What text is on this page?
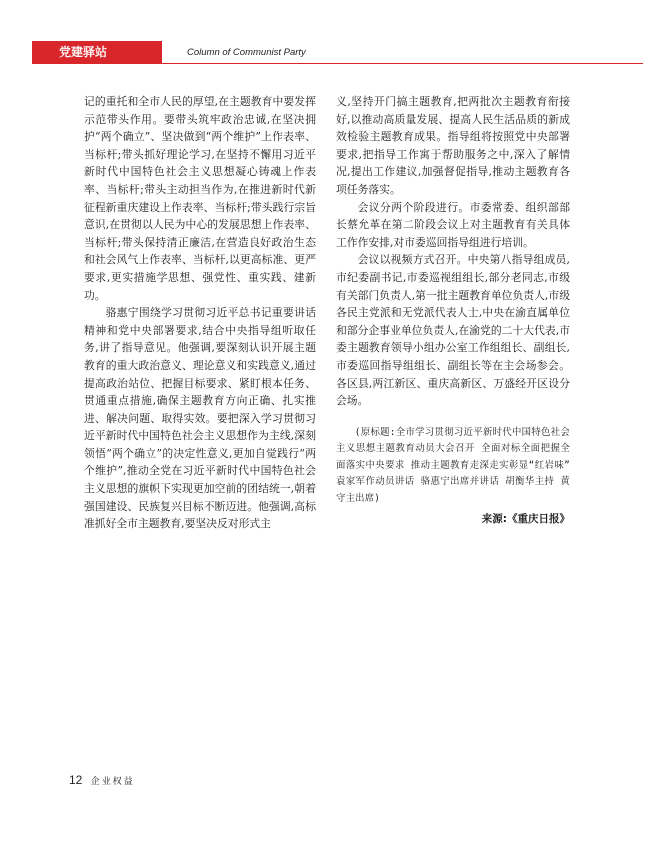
党建驿站	Column of Communist Party

记的重托和全市人民的厚望,在主题教育中要发挥示范带头作用。要带头筑牢政治忠诚,在坚决拥护“两个确立”、坚决做到“两个维护”上作表率、当标杆;带头抓好理论学习,在坚持不懈用习近平新时代中国特色社会主义思想凝心铸魂上作表率、当标杆;带头主动担当作为,在推进新时代新征程新重庆建设上作表率、当标杆;带头践行宗旨意识,在贯彻以人民为中心的发展思想上作表率、当标杆;带头保持清正廉洁,在营造良好政治生态和社会风气上作表率、当标杆,以更高标准、更严要求,更实措施学思想、强党性、重实践、建新功。

骆惠宁围绕学习贯彻习近平总书记重要讲话精神和党中央部署要求,结合中央指导组听取任务,讲了指导意见。他强调,要深刻认识开展主题教育的重大政治意义、理论意义和实践意义,通过提高政治站位、把握目标要求、紧盯根本任务、贯通重点措施,确保主题教育方向正确、扎实推进、解决问题、取得实效。要把深入学习贯彻习近平新时代中国特色社会主义思想作为主线,深刻领悟“两个确立”的决定性意义,更加自觉践行“两个维护”,推动全党在习近平新时代中国特色社会主义思想的旗帜下实现更加空前的团结统一,朝着强国建设、民族复兴目标不断迈进。他强调,高标准抓好全市主题教育,要坚决反对形式主

义,坚持开门搞主题教育,把两批次主题教育衔接好,以推动高质量发展、提高人民生活品质的新成效检验主题教育成果。指导组将按照党中央部署要求,把指导工作寓于帮助服务之中,深入了解情况,提出工作建议,加强督促指导,推动主题教育各项任务落实。

会议分两个阶段进行。市委常委、组织部部长蔡允革在第二阶段会议上对主题教育有关具体工作作安排,对市委巡回指导组进行培训。

会议以视频方式召开。中央第八指导组成员,市纪委副书记,市委巡视组组长,部分老同志,市级有关部门负责人,第一批主题教育单位负责人,市级各民主党派和无党派代表人士,中央在渝直属单位和部分企事业单位负责人,在渝党的二十大代表,市委主题教育领导小组办公室工作组组长、副组长,市委巡回指导组组长、副组长等在主会场参会。各区县,两江新区、重庆高新区、万盛经开区设分会场。

(原标题:全市学习贯彻习近平新时代中国特色社会主义思想主题教育动员大会召开 全面对标全面把握全面落实中央要求 推动主题教育走深走实彰显“红岩味” 袁家军作动员讲话 骆惠宁出席并讲话 胡衡华主持 黄守主出席)

来源:《重庆日报》

12 企业权益
